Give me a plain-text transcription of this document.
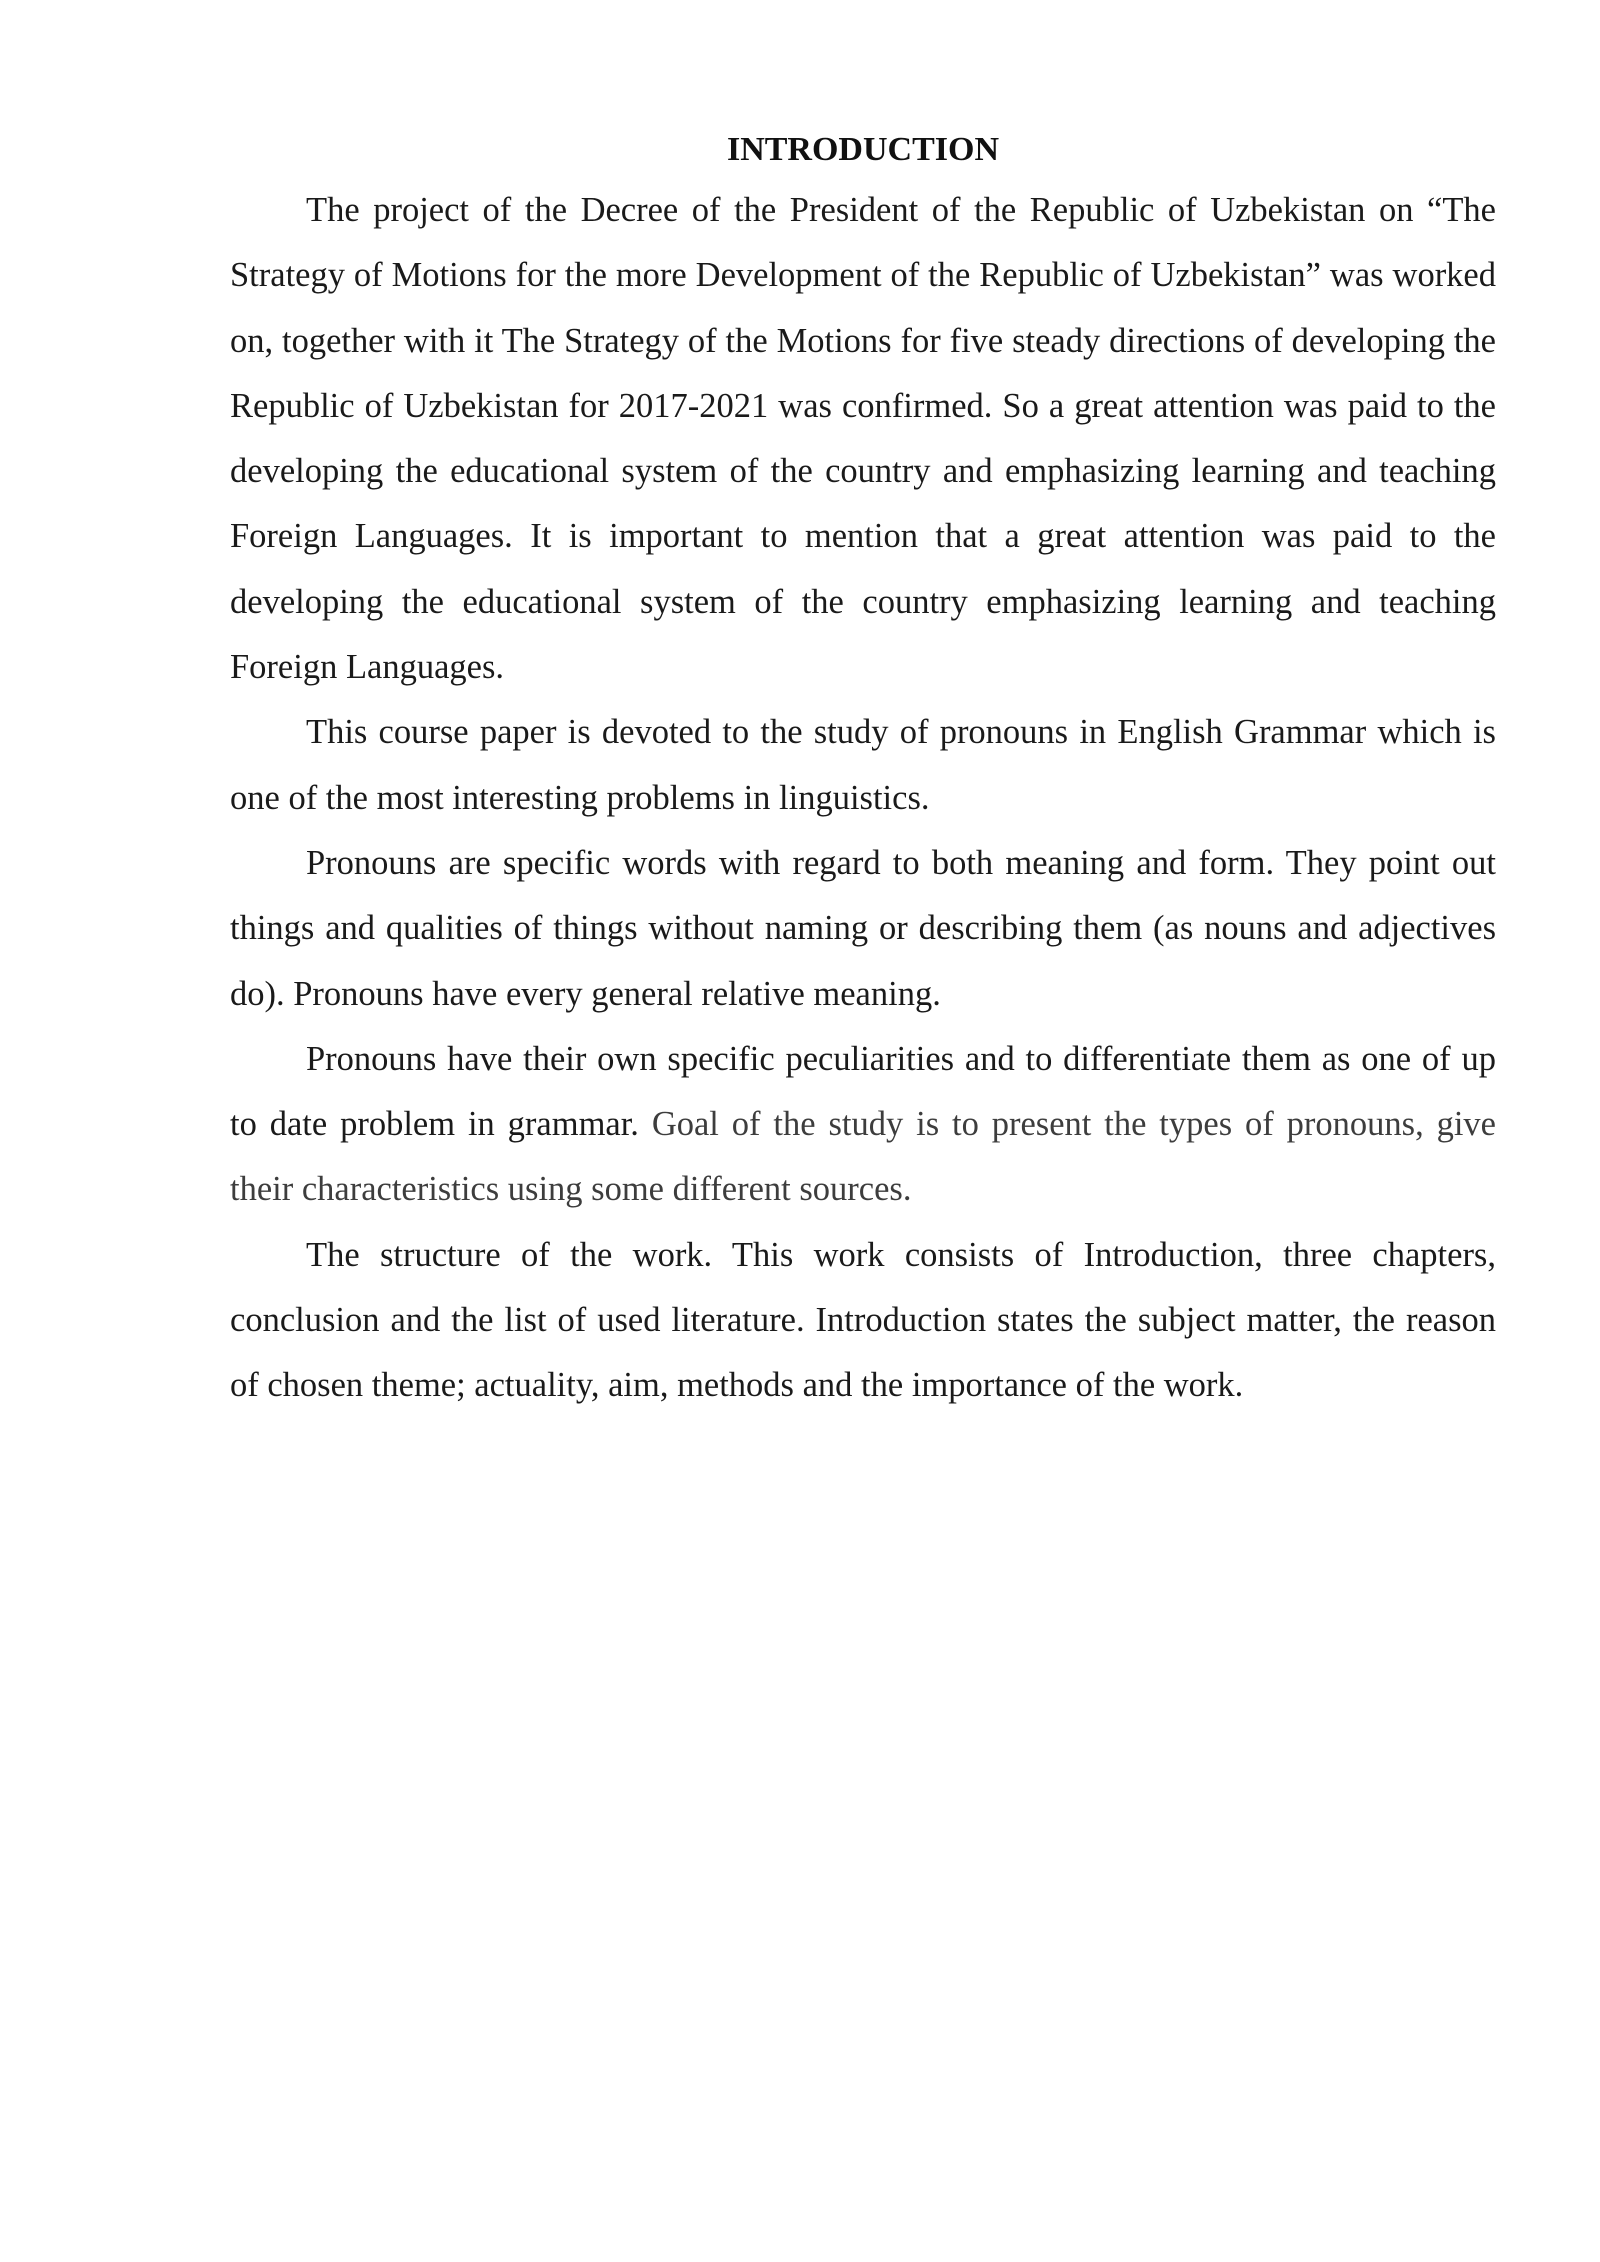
INTRODUCTION

The project of the Decree of the President of the Republic of Uzbekistan on “The Strategy of Motions for the more Development of the Republic of Uzbekistan” was worked on, together with it The Strategy of the Motions for five steady directions of developing the Republic of Uzbekistan for 2017-2021 was confirmed. So a great attention was paid to the developing the educational system of the country and emphasizing learning and teaching Foreign Languages. It is important to mention that a great attention was paid to the developing the educational system of the country emphasizing learning and teaching Foreign Languages.

This course paper is devoted to the study of pronouns in English Grammar which is one of the most interesting problems in linguistics.

Pronouns are specific words with regard to both meaning and form. They point out things and qualities of things without naming or describing them (as nouns and adjectives do). Pronouns have every general relative meaning.

Pronouns have their own specific peculiarities and to differentiate them as one of up to date problem in grammar. Goal of the study is to present the types of pronouns, give their characteristics using some different sources.

The structure of the work. This work consists of Introduction, three chapters, conclusion and the list of used literature. Introduction states the subject matter, the reason of chosen theme; actuality, aim, methods and the importance of the work.
